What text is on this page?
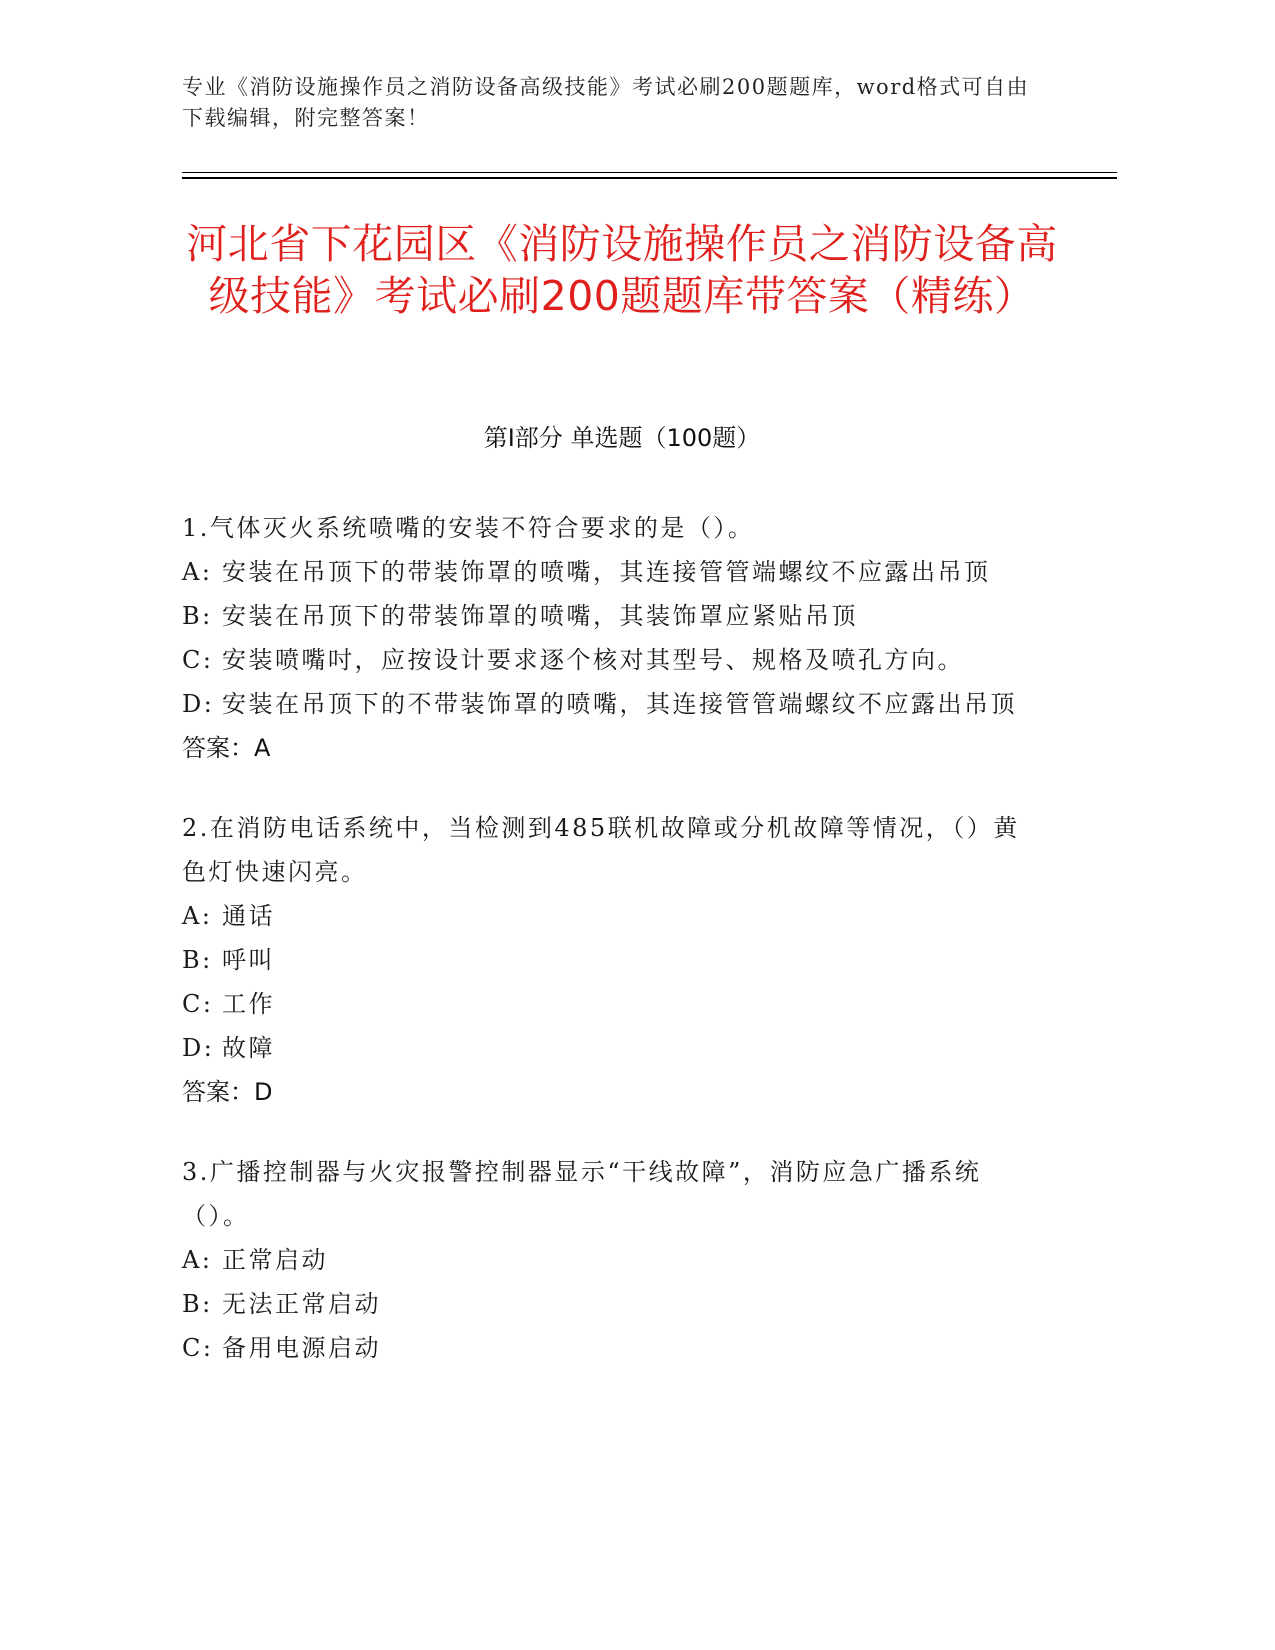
专业《消防设施操作员之消防设备高级技能》考试必刷200题题库，word格式可自由下载编辑，附完整答案！
河北省下花园区《消防设施操作员之消防设备高级技能》考试必刷200题题库带答案（精练）
第Ⅰ部分 单选题（100题）
1.气体灭火系统喷嘴的安装不符合要求的是（）。
A: 安装在吊顶下的带装饰罩的喷嘴，其连接管管端螺纹不应露出吊顶
B: 安装在吊顶下的带装饰罩的喷嘴，其装饰罩应紧贴吊顶
C: 安装喷嘴吋，应按设计要求逐个核对其型号、规格及喷孔方向。
D: 安装在吊顶下的不带装饰罩的喷嘴，其连接管管端螺纹不应露出吊顶
答案：A
2.在消防电话系统中，当检测到485联机故障或分机故障等情况，（）黄色灯快速闪亮。
A: 通话
B: 呼叫
C: 工作
D: 故障
答案：D
3.广播控制器与火灾报警控制器显示“干线故障”，消防应急广播系统（）。
A: 正常启动
B: 无法正常启动
C: 备用电源启动
